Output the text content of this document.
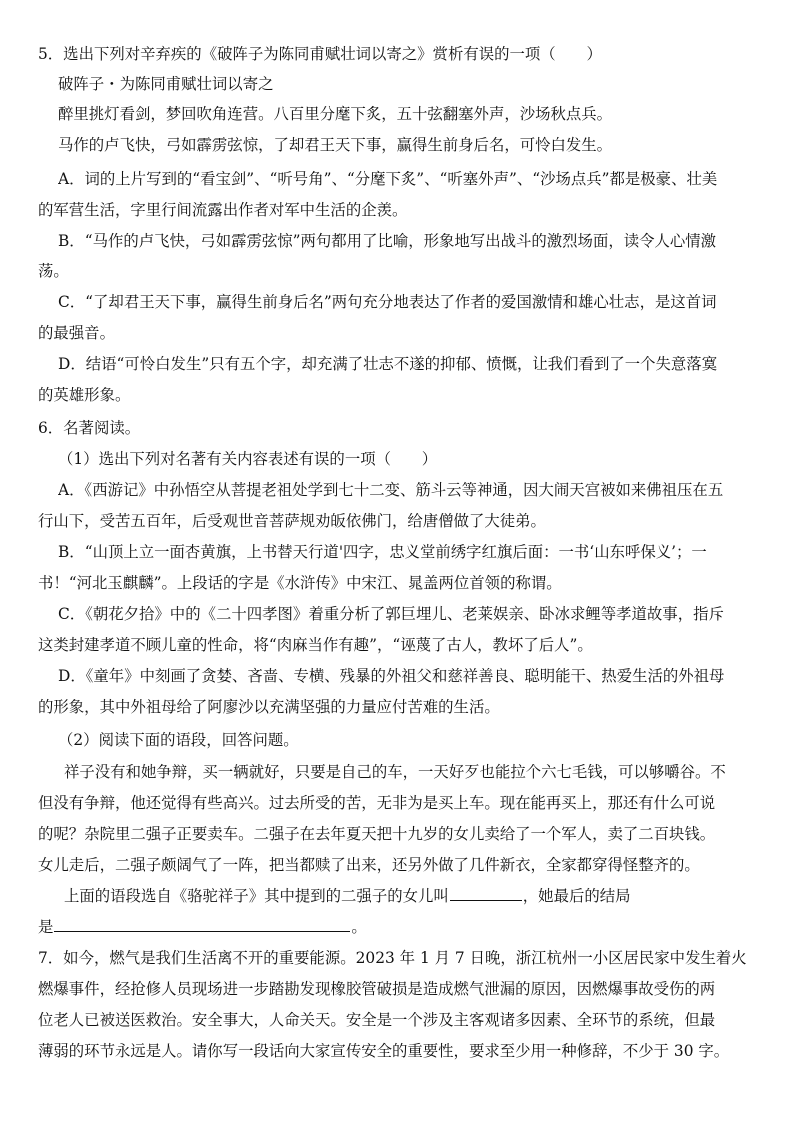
5．选出下列对辛弃疾的《破阵子为陈同甫赋壮词以寄之》赏析有误的一项（　　）
破阵子・为陈同甫赋壮词以寄之
醉里挑灯看剑，梦回吹角连营。八百里分麾下炙，五十弦翻塞外声，沙场秋点兵。
马作的卢飞快，弓如霹雳弦惊，了却君王天下事，赢得生前身后名，可怜白发生。
A．词的上片写到的“看宝剑”、“听号角”、“分麾下炙”、“听塞外声”、“沙场点兵”都是极豪、壮美
的军营生活，字里行间流露出作者对军中生活的企羡。
B．“马作的卢飞快，弓如霹雳弦惊”两句都用了比喻，形象地写出战斗的激烈场面，读令人心情激
荡。
C．“了却君王天下事，赢得生前身后名”两句充分地表达了作者的爱国激情和雄心壮志，是这首词
的最强音。
D．结语“可怜白发生”只有五个字，却充满了壮志不遂的抑郁、愤慨，让我们看到了一个失意落寞
的英雄形象。
6．名著阅读。
（1）选出下列对名著有关内容表述有误的一项（　　）
A．《西游记》中孙悟空从菩提老祖处学到七十二变、筋斗云等神通，因大闹天宫被如来佛祖压在五
行山下，受苦五百年，后受观世音菩萨规劝皈依佛门，给唐僧做了大徒弟。
B．“山顶上立一面杏黄旗，上书替天行道'四字，忠义堂前绣字红旗后面：一书‘山东呼保义’；一
书！“河北玉麒麟”。上段话的字是《水浒传》中宋江、晁盖两位首领的称谓。
C．《朝花夕拾》中的《二十四孝图》着重分析了郭巨埋儿、老莱娱亲、卧冰求鲤等孝道故事，指斥
这类封建孝道不顾儿童的性命，将“肉麻当作有趣”，“诬蔑了古人，教坏了后人”。
D．《童年》中刻画了贪婪、吝啬、专横、残暴的外祖父和慈祥善良、聪明能干、热爱生活的外祖母
的形象，其中外祖母给了阿廖沙以充满坚强的力量应付苦难的生活。
（2）阅读下面的语段，回答问题。
祥子没有和她争辩，买一辆就好，只要是自己的车，一天好歹也能拉个六七毛钱，可以够嚼谷。不
但没有争辩，他还觉得有些高兴。过去所受的苦，无非为是买上车。现在能再买上，那还有什么可说
的呢？杂院里二强子正要卖车。二强子在去年夏天把十九岁的女儿卖给了一个军人，卖了二百块钱。
女儿走后，二强子颇阔气了一阵，把当都赎了出来，还另外做了几件新衣，全家都穿得怪整齐的。
上面的语段选自《骆驼祥子》其中提到的二强子的女儿叫	，她最后的结局
是	。
7．如今，燃气是我们生活离不开的重要能源。2023 年 1 月 7 日晚，浙江杭州一小区居民家中发生着火
燃爆事件，经抢修人员现场进一步踏勘发现橡胶管破损是造成燃气泄漏的原因，因燃爆事故受伤的两
位老人已被送医救治。安全事大，人命关天。安全是一个涉及主客观诸多因素、全环节的系统，但最
薄弱的环节永远是人。请你写一段话向大家宣传安全的重要性，要求至少用一种修辞，不少于 30 字。
